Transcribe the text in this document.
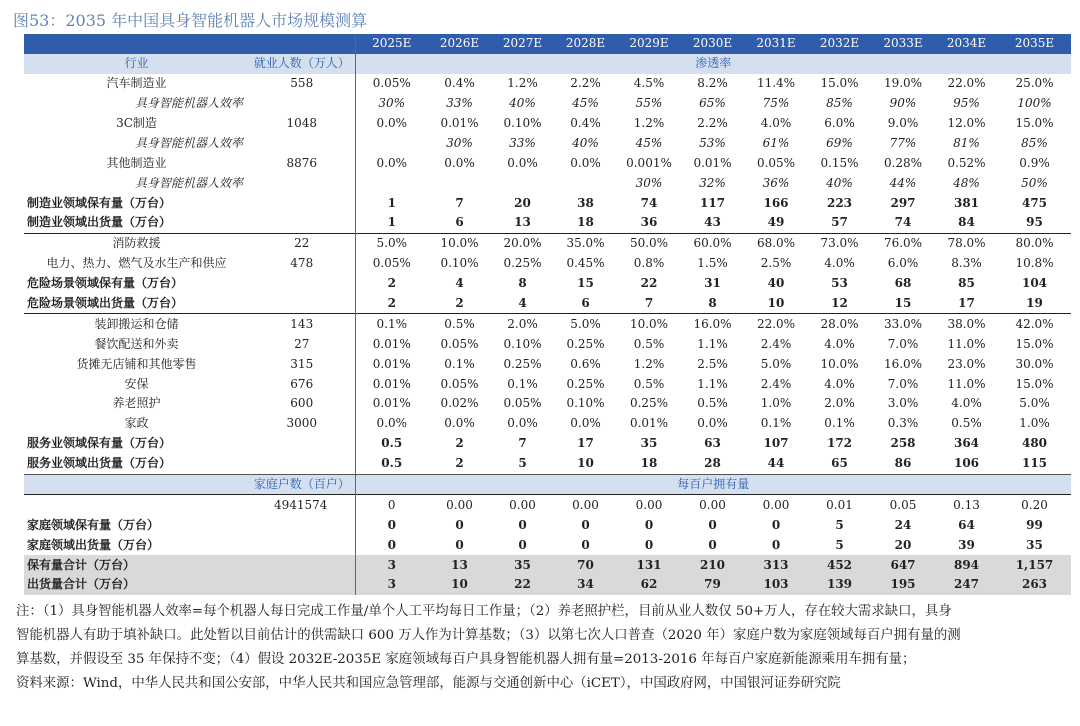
图53：2035 年中国具身智能机器人市场规模测算
		2025E	2026E	2027E	2028E	2029E	2030E	2031E	2032E	2033E	2034E	2035E
行业	就业人数（万人）	渗透率										
汽车制造业	558	0.05%	0.4%	1.2%	2.2%	4.5%	8.2%	11.4%	15.0%	19.0%	22.0%	25.0%
具身智能机器人效率		30%	33%	40%	45%	55%	65%	75%	85%	90%	95%	100%
3C制造	1048	0.0%	0.01%	0.10%	0.4%	1.2%	2.2%	4.0%	6.0%	9.0%	12.0%	15.0%
具身智能机器人效率			30%	33%	40%	45%	53%	61%	69%	77%	81%	85%
其他制造业	8876	0.0%	0.0%	0.0%	0.0%	0.001%	0.01%	0.05%	0.15%	0.28%	0.52%	0.9%
具身智能机器人效率						30%	32%	36%	40%	44%	48%	50%
制造业领域保有量（万台）		1	7	20	38	74	117	166	223	297	381	475
制造业领域出货量（万台）		1	6	13	18	36	43	49	57	74	84	95
消防救援	22	5.0%	10.0%	20.0%	35.0%	50.0%	60.0%	68.0%	73.0%	76.0%	78.0%	80.0%
电力、热力、燃气及水生产和供应	478	0.05%	0.10%	0.25%	0.45%	0.8%	1.5%	2.5%	4.0%	6.0%	8.3%	10.8%
危险场景领域保有量（万台）		2	4	8	15	22	31	40	53	68	85	104
危险场景领域出货量（万台）		2	2	4	6	7	8	10	12	15	17	19
装卸搬运和仓储	143	0.1%	0.5%	2.0%	5.0%	10.0%	16.0%	22.0%	28.0%	33.0%	38.0%	42.0%
餐饮配送和外卖	27	0.01%	0.05%	0.10%	0.25%	0.5%	1.1%	2.4%	4.0%	7.0%	11.0%	15.0%
货摊无店铺和其他零售	315	0.01%	0.1%	0.25%	0.6%	1.2%	2.5%	5.0%	10.0%	16.0%	23.0%	30.0%
安保	676	0.01%	0.05%	0.1%	0.25%	0.5%	1.1%	2.4%	4.0%	7.0%	11.0%	15.0%
养老照护	600	0.01%	0.02%	0.05%	0.10%	0.25%	0.5%	1.0%	2.0%	3.0%	4.0%	5.0%
家政	3000	0.0%	0.0%	0.0%	0.0%	0.01%	0.0%	0.1%	0.1%	0.3%	0.5%	1.0%
服务业领域保有量（万台）		0.5	2	7	17	35	63	107	172	258	364	480
服务业领域出货量（万台）		0.5	2	5	10	18	28	44	65	86	106	115
	家庭户数（百户）	每百户拥有量										
	4941574	0	0.00	0.00	0.00	0.00	0.00	0.00	0.01	0.05	0.13	0.20
家庭领域保有量（万台）		0	0	0	0	0	0	0	5	24	64	99
家庭领域出货量（万台）		0	0	0	0	0	0	0	5	20	39	35
保有量合计（万台）		3	13	35	70	131	210	313	452	647	894	1,157
出货量合计（万台）		3	10	22	34	62	79	103	139	195	247	263

注：（1）具身智能机器人效率=每个机器人每日完成工作量/单个人工平均每日工作量；（2）养老照护栏，目前从业人数仅 50+万人，存在较大需求缺口，具身

智能机器人有助于填补缺口。此处暂以目前估计的供需缺口 600 万人作为计算基数；（3）以第七次人口普查（2020 年）家庭户数为家庭领域每百户拥有量的测

算基数，并假设至 35 年保持不变；（4）假设 2032E-2035E 家庭领域每百户具身智能机器人拥有量=2013-2016 年每百户家庭新能源乘用车拥有量；

资料来源：Wind，中华人民共和国公安部，中华人民共和国应急管理部，能源与交通创新中心（iCET），中国政府网，中国银河证券研究院
